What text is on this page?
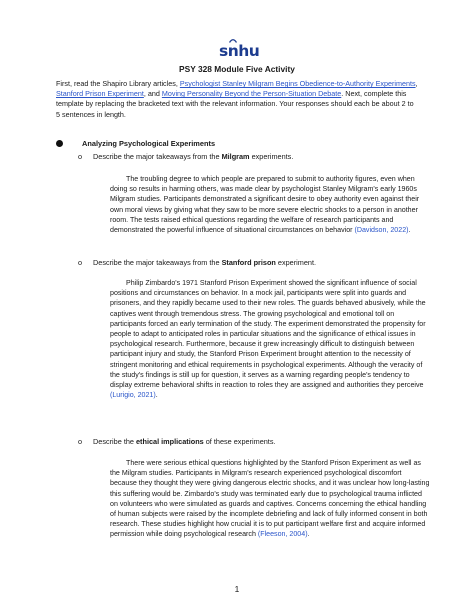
snhu
PSY 328 Module Five Activity
First, read the Shapiro Library articles, Psychologist Stanley Milgram Begins Obedience-to-Authority Experiments, Stanford Prison Experiment, and Moving Personality Beyond the Person-Situation Debate. Next, complete this template by replacing the bracketed text with the relevant information. Your responses should each be about 2 to 5 sentences in length.
Analyzing Psychological Experiments
o Describe the major takeaways from the Milgram experiments.
The troubling degree to which people are prepared to submit to authority figures, even when doing so results in harming others, was made clear by psychologist Stanley Milgram's early 1960s Milgram studies. Participants demonstrated a significant desire to obey authority even against their own moral views by giving what they saw to be more severe electric shocks to a person in another room. The tests raised ethical questions regarding the welfare of research participants and demonstrated the powerful influence of situational circumstances on behavior (Davidson, 2022).
o Describe the major takeaways from the Stanford prison experiment.
Philip Zimbardo's 1971 Stanford Prison Experiment showed the significant influence of social positions and circumstances on behavior. In a mock jail, participants were split into guards and prisoners, and they rapidly became used to their new roles. The guards behaved abusively, while the captives went through tremendous stress. The growing psychological and emotional toll on participants forced an early termination of the study. The experiment demonstrated the propensity for people to adapt to anticipated roles in particular situations and the significance of ethical issues in psychological research. Furthermore, because it grew increasingly difficult to distinguish between participant injury and study, the Stanford Prison Experiment brought attention to the necessity of stringent monitoring and ethical requirements in psychological experiments. Although the veracity of the study's findings is still up for question, it serves as a warning regarding people's tendency to display extreme behavioral shifts in reaction to roles they are assigned and authorities they perceive (Lurigio, 2021).
o Describe the ethical implications of these experiments.
There were serious ethical questions highlighted by the Stanford Prison Experiment as well as the Milgram studies. Participants in Milgram's research experienced psychological discomfort because they thought they were giving dangerous electric shocks, and it was unclear how long-lasting this suffering would be. Zimbardo's study was terminated early due to psychological trauma inflicted on volunteers who were simulated as guards and captives. Concerns concerning the ethical handling of human subjects were raised by the incomplete debriefing and lack of fully informed consent in both research. These studies highlight how crucial it is to put participant welfare first and acquire informed permission while doing psychological research (Fleeson, 2004).
1
